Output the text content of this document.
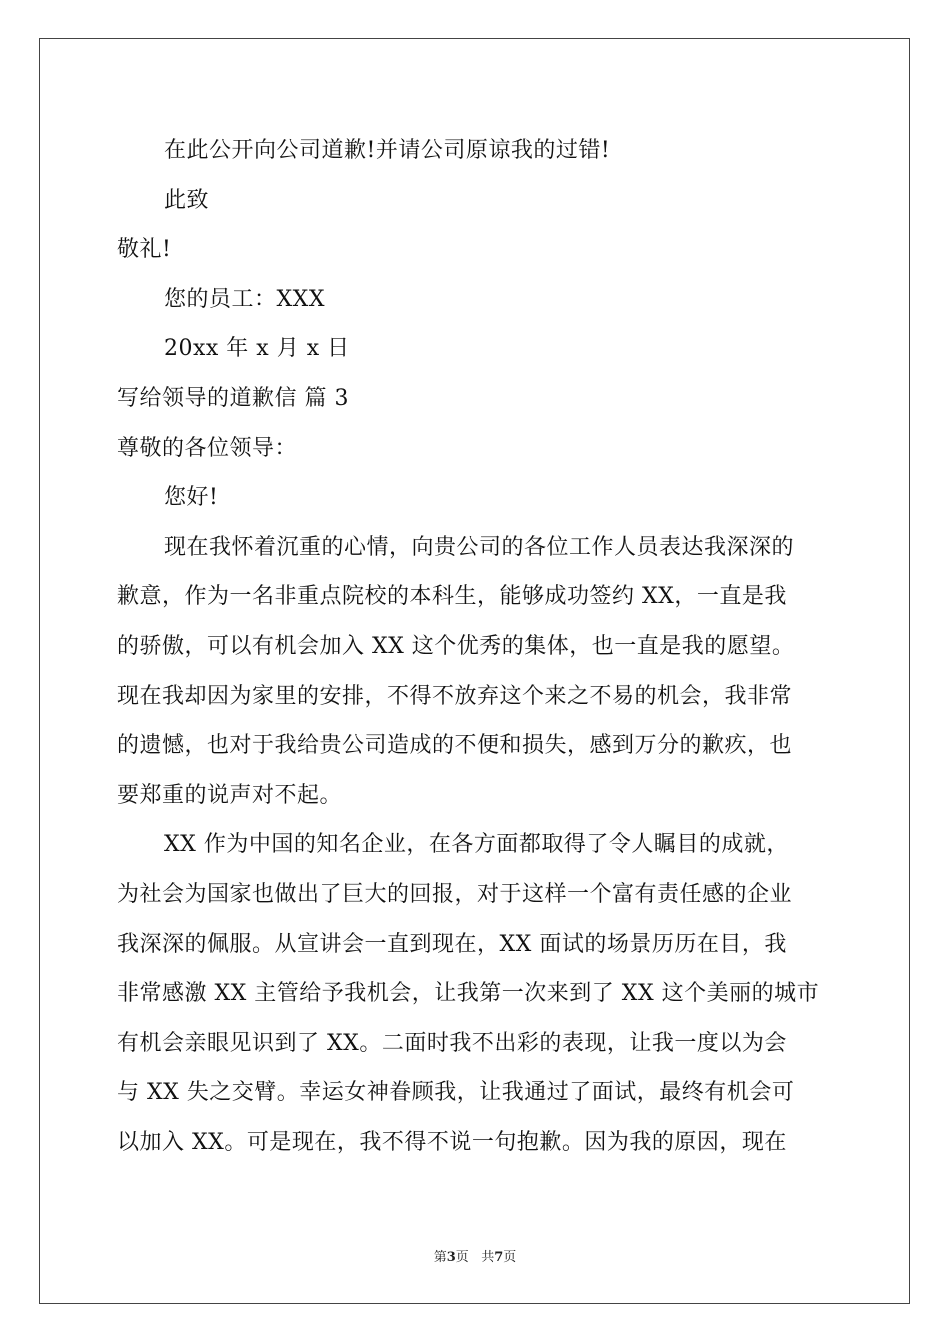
在此公开向公司道歉!并请公司原谅我的过错!
此致
敬礼!
您的员工：XXX
20xx 年 x 月 x 日
写给领导的道歉信 篇 3
尊敬的各位领导：
您好!
现在我怀着沉重的心情，向贵公司的各位工作人员表达我深深的
歉意，作为一名非重点院校的本科生，能够成功签约 XX，一直是我
的骄傲，可以有机会加入 XX 这个优秀的集体，也一直是我的愿望。
现在我却因为家里的安排，不得不放弃这个来之不易的机会，我非常
的遗憾，也对于我给贵公司造成的不便和损失，感到万分的歉疚，也
要郑重的说声对不起。
XX 作为中国的知名企业，在各方面都取得了令人瞩目的成就，
为社会为国家也做出了巨大的回报，对于这样一个富有责任感的企业
我深深的佩服。从宣讲会一直到现在，XX 面试的场景历历在目，我
非常感激 XX 主管给予我机会，让我第一次来到了 XX 这个美丽的城市
有机会亲眼见识到了 XX。二面时我不出彩的表现，让我一度以为会
与 XX 失之交臂。幸运女神眷顾我，让我通过了面试，最终有机会可
以加入 XX。可是现在，我不得不说一句抱歉。因为我的原因，现在
第3页 共7页
